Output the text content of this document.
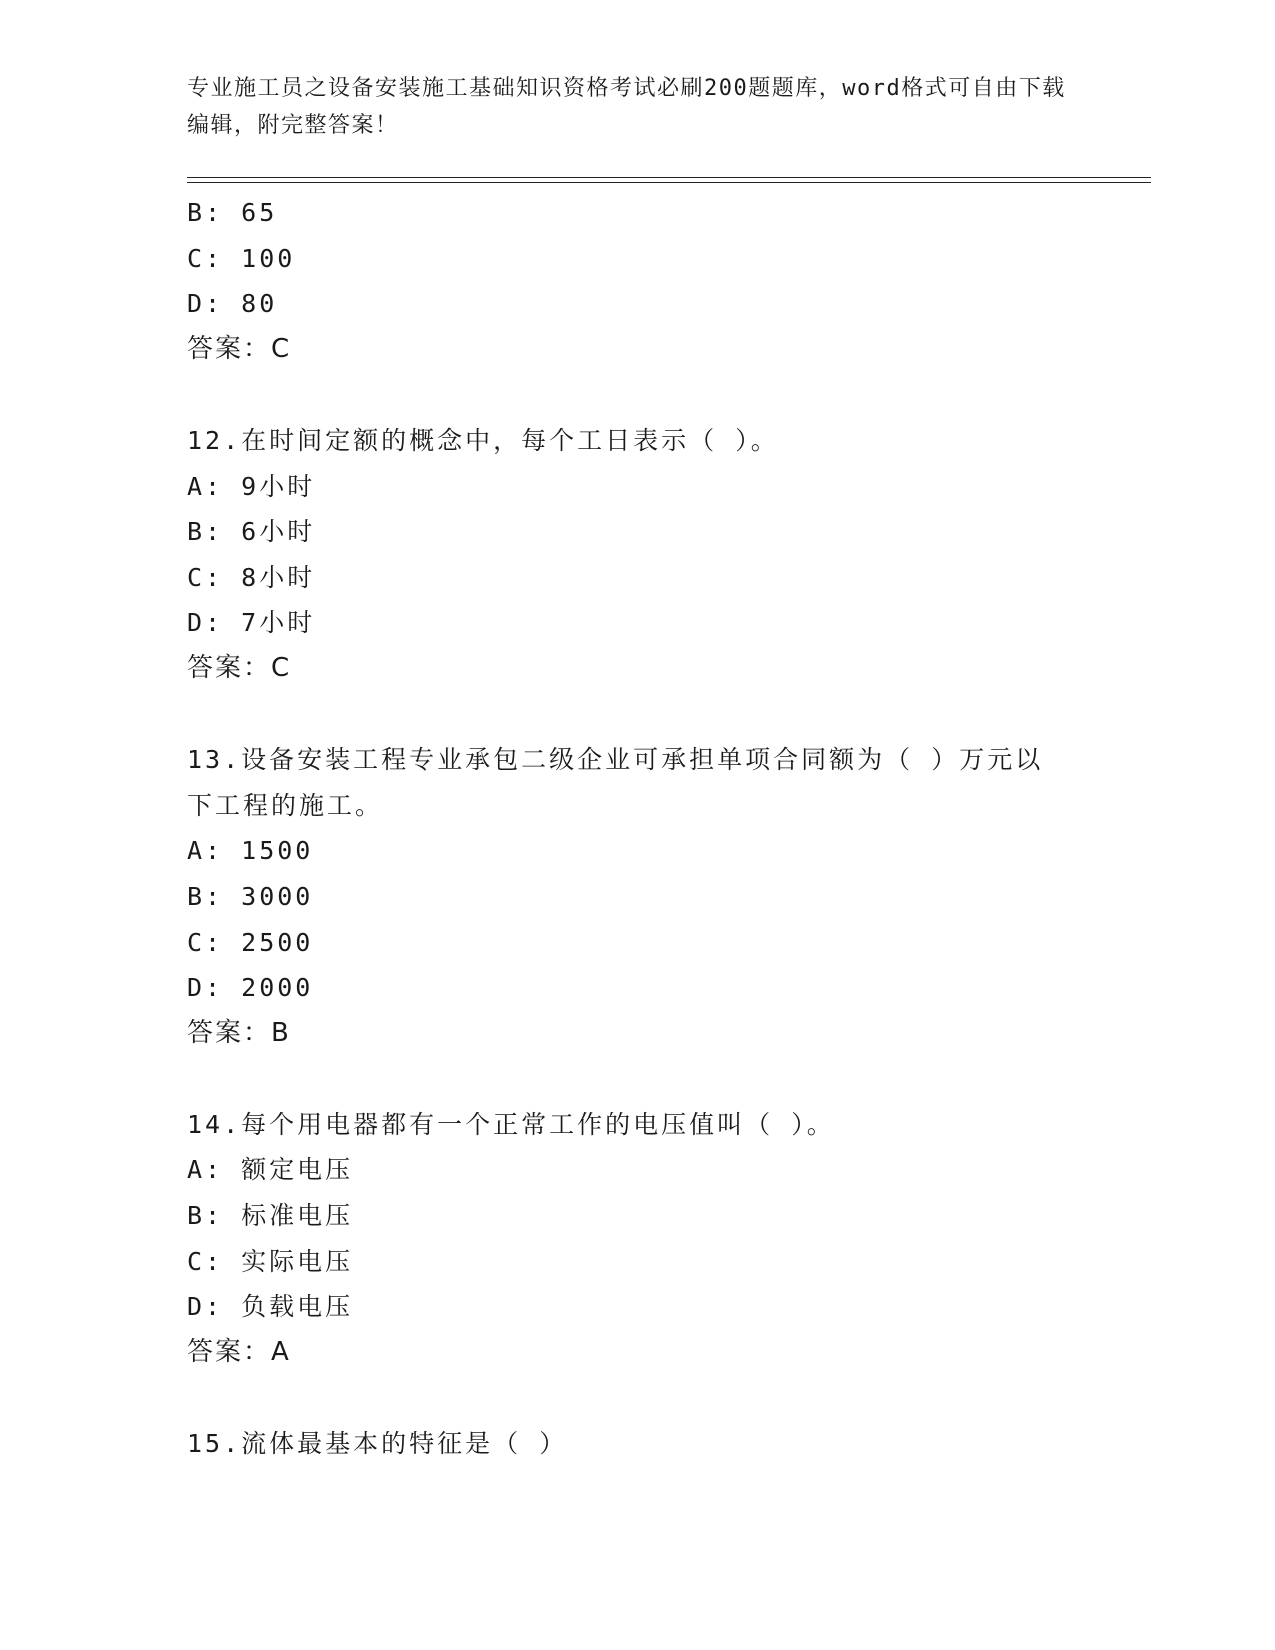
专业施工员之设备安装施工基础知识资格考试必刷200题题库，word格式可自由下载编辑，附完整答案！
B: 65
C: 100
D: 80
答案：C
12.在时间定额的概念中，每个工日表示（ ）。
A: 9小时
B: 6小时
C: 8小时
D: 7小时
答案：C
13.设备安装工程专业承包二级企业可承担单项合同额为（ ）万元以下工程的施工。
A: 1500
B: 3000
C: 2500
D: 2000
答案：B
14.每个用电器都有一个正常工作的电压值叫（ ）。
A: 额定电压
B: 标准电压
C: 实际电压
D: 负载电压
答案：A
15.流体最基本的特征是（ ）
